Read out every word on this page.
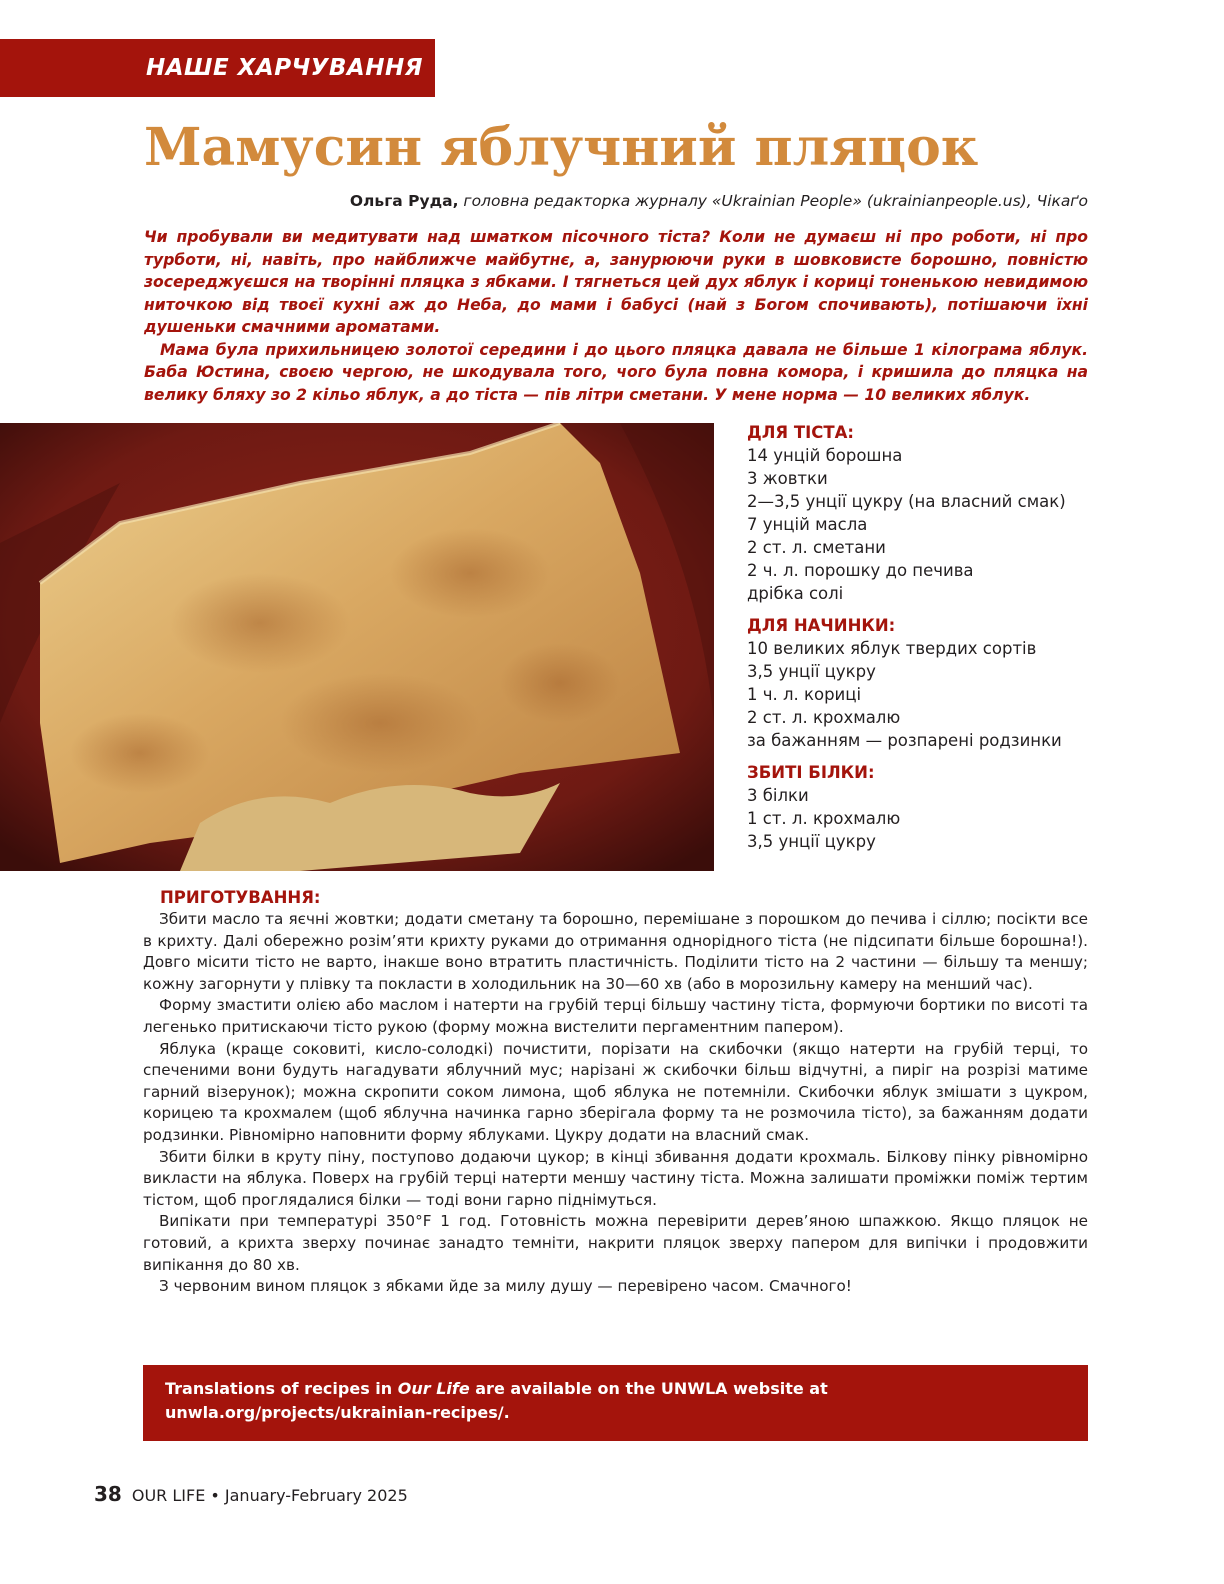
НАШЕ ХАРЧУВАННЯ
Мамусин яблучний пляцок
Ольга Руда, головна редакторка журналу «Ukrainian People» (ukrainianpeople.us), Чікаґо

Чи пробували ви медитувати над шматком пісочного тіста? Коли не думаєш ні про роботи, ні про турботи, ні, навіть, про найближче майбутнє, а, занурюючи руки в шовковисте борошно, повністю зосереджуєшся на творінні пляцка з ябками. І тягнеться цей дух яблук і кориці тоненькою невидимою ниточкою від твоєї кухні аж до Неба, до мами і бабусі (най з Богом спочивають), потішаючи їхні душеньки смачними ароматами.

Мама була прихильницею золотої середини і до цього пляцка давала не більше 1 кілограма яблук. Баба Юстина, своєю чергою, не шкодувала того, чого була повна комора, і кришила до пляцка на велику бляху зо 2 кільо яблук, а до тіста — пів літри сметани. У мене норма — 10 великих яблук.

ДЛЯ ТІСТА:
14 унцій борошна
3 жовтки
2—3,5 унції цукру (на власний смак)
7 унцій масла
2 ст. л. сметани
2 ч. л. порошку до печива
дрібка солі
ДЛЯ НАЧИНКИ:
10 великих яблук твердих сортів
3,5 унції цукру
1 ч. л. кориці
2 ст. л. крохмалю
за бажанням — розпарені родзинки
ЗБИТІ БІЛКИ:
3 білки
1 ст. л. крохмалю
3,5 унції цукру
ПРИГОТУВАННЯ:

Збити масло та яєчні жовтки; додати сметану та борошно, перемішане з порошком до печива і сіллю; посікти все в крихту. Далі обережно розім’яти крихту руками до отримання однорідного тіста (не підсипати більше борошна!). Довго місити тісто не варто, інакше воно втратить пластичність. Поділити тісто на 2 частини — більшу та меншу; кожну загорнути у плівку та покласти в холодильник на 30—60 хв (або в морозильну камеру на менший час).

Форму змастити олією або маслом і натерти на грубій терці більшу частину тіста, формуючи бортики по висоті та легенько притискаючи тісто рукою (форму можна вистелити пергаментним папером).

Яблука (краще соковиті, кисло-солодкі) почистити, порізати на скибочки (якщо натерти на грубій терці, то спеченими вони будуть нагадувати яблучний мус; нарізані ж скибочки більш відчутні, а пиріг на розрізі матиме гарний візерунок); можна скропити соком лимона, щоб яблука не потемніли. Скибочки яблук змішати з цукром, корицею та крохмалем (щоб яблучна начинка гарно зберігала форму та не розмочила тісто), за бажанням додати родзинки. Рівномірно наповнити форму яблуками. Цукру додати на власний смак.

Збити білки в круту піну, поступово додаючи цукор; в кінці збивання додати крохмаль. Білкову пінку рівномірно викласти на яблука. Поверх на грубій терці натерти меншу частину тіста. Можна залишати проміжки поміж тертим тістом, щоб проглядалися білки — тоді вони гарно піднімуться.

Випікати при температурі 350°F 1 год. Готовність можна перевірити дерев’яною шпажкою. Якщо пляцок не готовий, а крихта зверху починає занадто темніти, накрити пляцок зверху папером для випічки і продовжити випікання до 80 хв.

З червоним вином пляцок з ябками йде за милу душу — перевірено часом. Смачного!

Translations of recipes in Our Life are available on the UNWLA website at unwla.org/projects/ukrainian-recipes/.
38 OUR LIFE • January-February 2025
